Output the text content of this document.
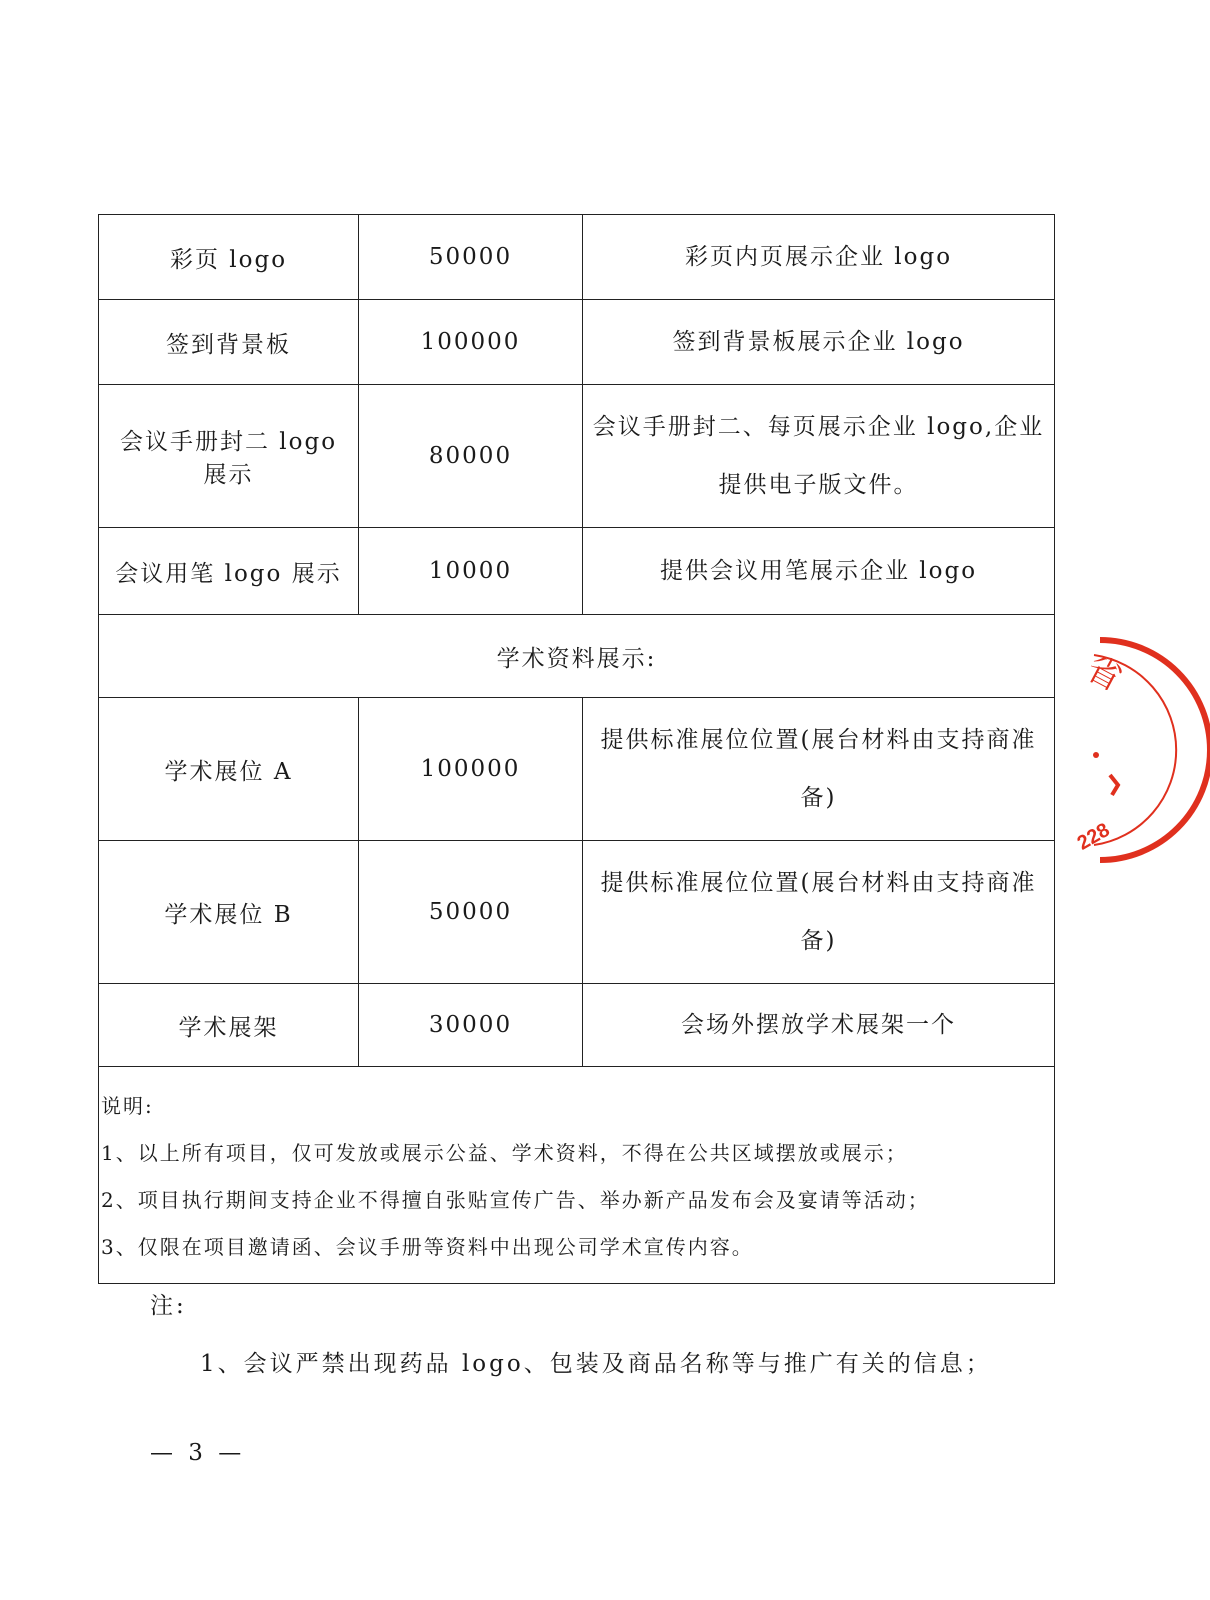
彩页 logo	50000	彩页内页展示企业 logo
签到背景板	100000	签到背景板展示企业 logo
会议手册封二 logo 展示	80000	会议手册封二、每页展示企业 logo,企业提供电子版文件。
会议用笔 logo 展示	10000	提供会议用笔展示企业 logo
学术资料展示:		
学术展位 A	100000	提供标准展位位置(展台材料由支持商准备)
学术展位 B	50000	提供标准展位位置(展台材料由支持商准备)
学术展架	30000	会场外摆放学术展架一个

说明:
1、以上所有项目，仅可发放或展示公益、学术资料，不得在公共区域摆放或展示；
2、项目执行期间支持企业不得擅自张贴宣传广告、举办新产品发布会及宴请等活动；
3、仅限在项目邀请函、会议手册等资料中出现公司学术宣传内容。		
注:
1、会议严禁出现药品 logo、包装及商品名称等与推广有关的信息；
— 3 —
省
228
